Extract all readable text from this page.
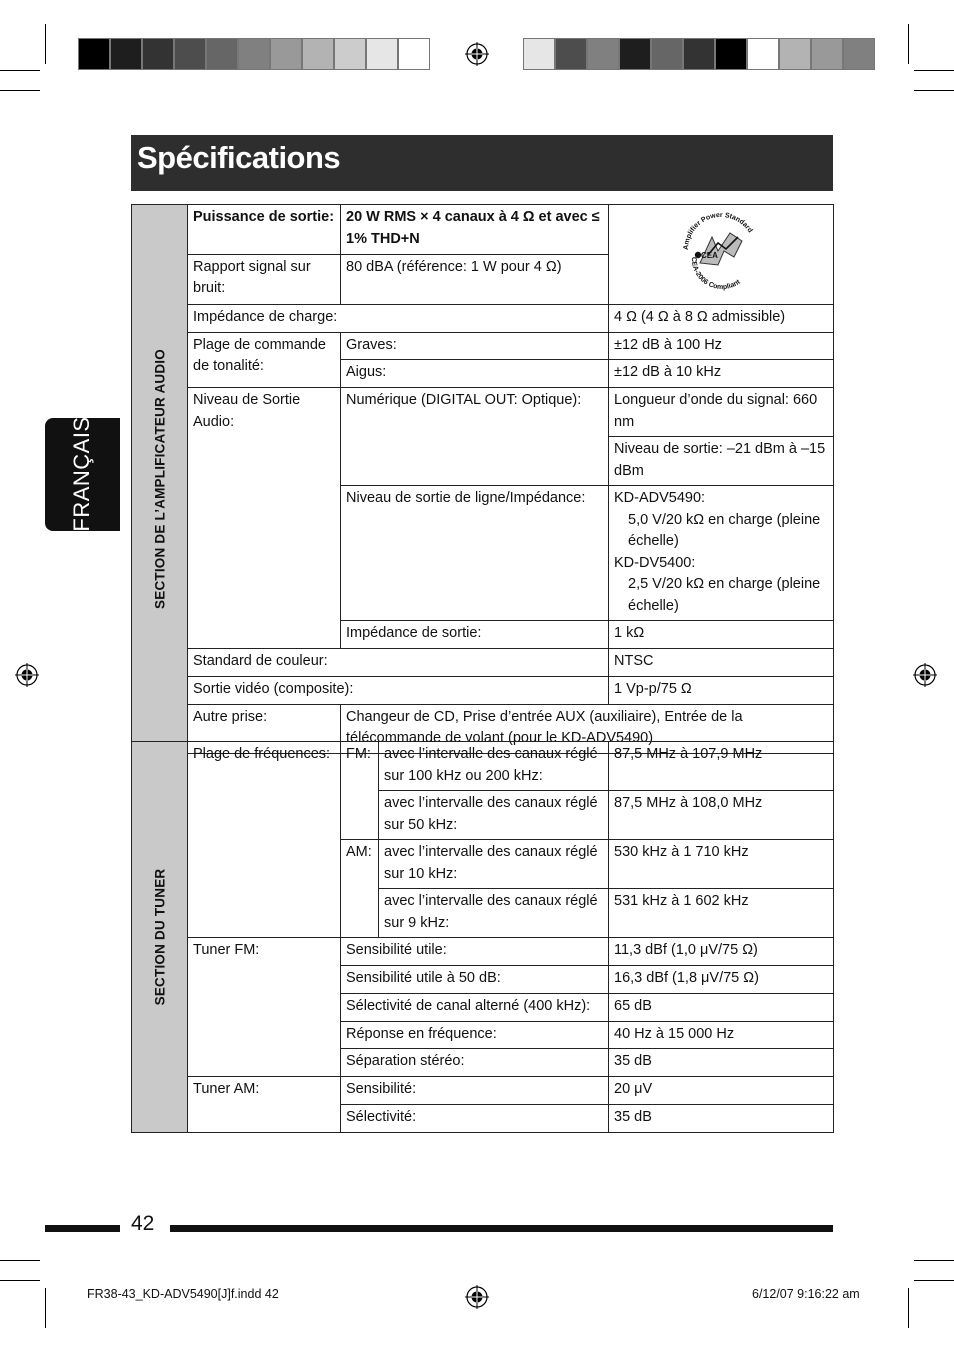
Spécifications
FRANÇAIS	SECTION DE L’AMPLIFICATEUR AUDIO	Puissance de sortie:	20 W RMS × 4 canaux à 4 Ω et avec ≤ 1% THD+N	Amplifier Power Standard
CEA
CEA-2006 Compliant

	Rapport signal sur bruit:	80 dBA (référence: 1 W pour 4 Ω)	
	Impédance de charge:		4 Ω (4 Ω à 8 Ω admissible)
	Plage de commande de tonalité:	Graves:	±12 dB à 100 Hz
		Aigus:	±12 dB à 10 kHz
	Niveau de Sortie Audio:	Numérique (DIGITAL OUT: Optique):	Longueur d’onde du signal: 660 nm
			Niveau de sortie: –21 dBm à –15 dBm
		Niveau de sortie de ligne/Impédance:	KD-ADV5490:
5,0 V/20 kΩ en charge (pleine échelle)
KD-DV5400:
2,5 V/20 kΩ en charge (pleine échelle)

		Impédance de sortie:	1 kΩ
	Standard de couleur:		NTSC
	Sortie vidéo (composite):		1 Vp-p/75 Ω
	Autre prise:	Changeur de CD, Prise d’entrée AUX (auxiliaire), Entrée de la télécommande de volant (pour le KD-ADV5490)	
SECTION DU TUNER	Plage de fréquences:	FM:	avec l’intervalle des canaux réglé sur 100 kHz ou 200 kHz:	87,5 MHz à 107,9 MHz
			avec l’intervalle des canaux réglé sur 50 kHz:	87,5 MHz à 108,0 MHz
		AM:	avec l’intervalle des canaux réglé sur 10 kHz:	530 kHz à 1 710 kHz
			avec l’intervalle des canaux réglé sur 9 kHz:	531 kHz à 1 602 kHz
	Tuner FM:	Sensibilité utile:		11,3 dBf (1,0 μV/75 Ω)
		Sensibilité utile à 50 dB:		16,3 dBf (1,8 μV/75 Ω)
		Sélectivité de canal alterné (400 kHz):		65 dB
		Réponse en fréquence:		40 Hz à 15 000 Hz
		Séparation stéréo:		35 dB
	Tuner AM:	Sensibilité:		20 μV
		Sélectivité:		35 dB
42
FR38-43_KD-ADV5490[J]f.indd 42	6/12/07 9:16:22 am
